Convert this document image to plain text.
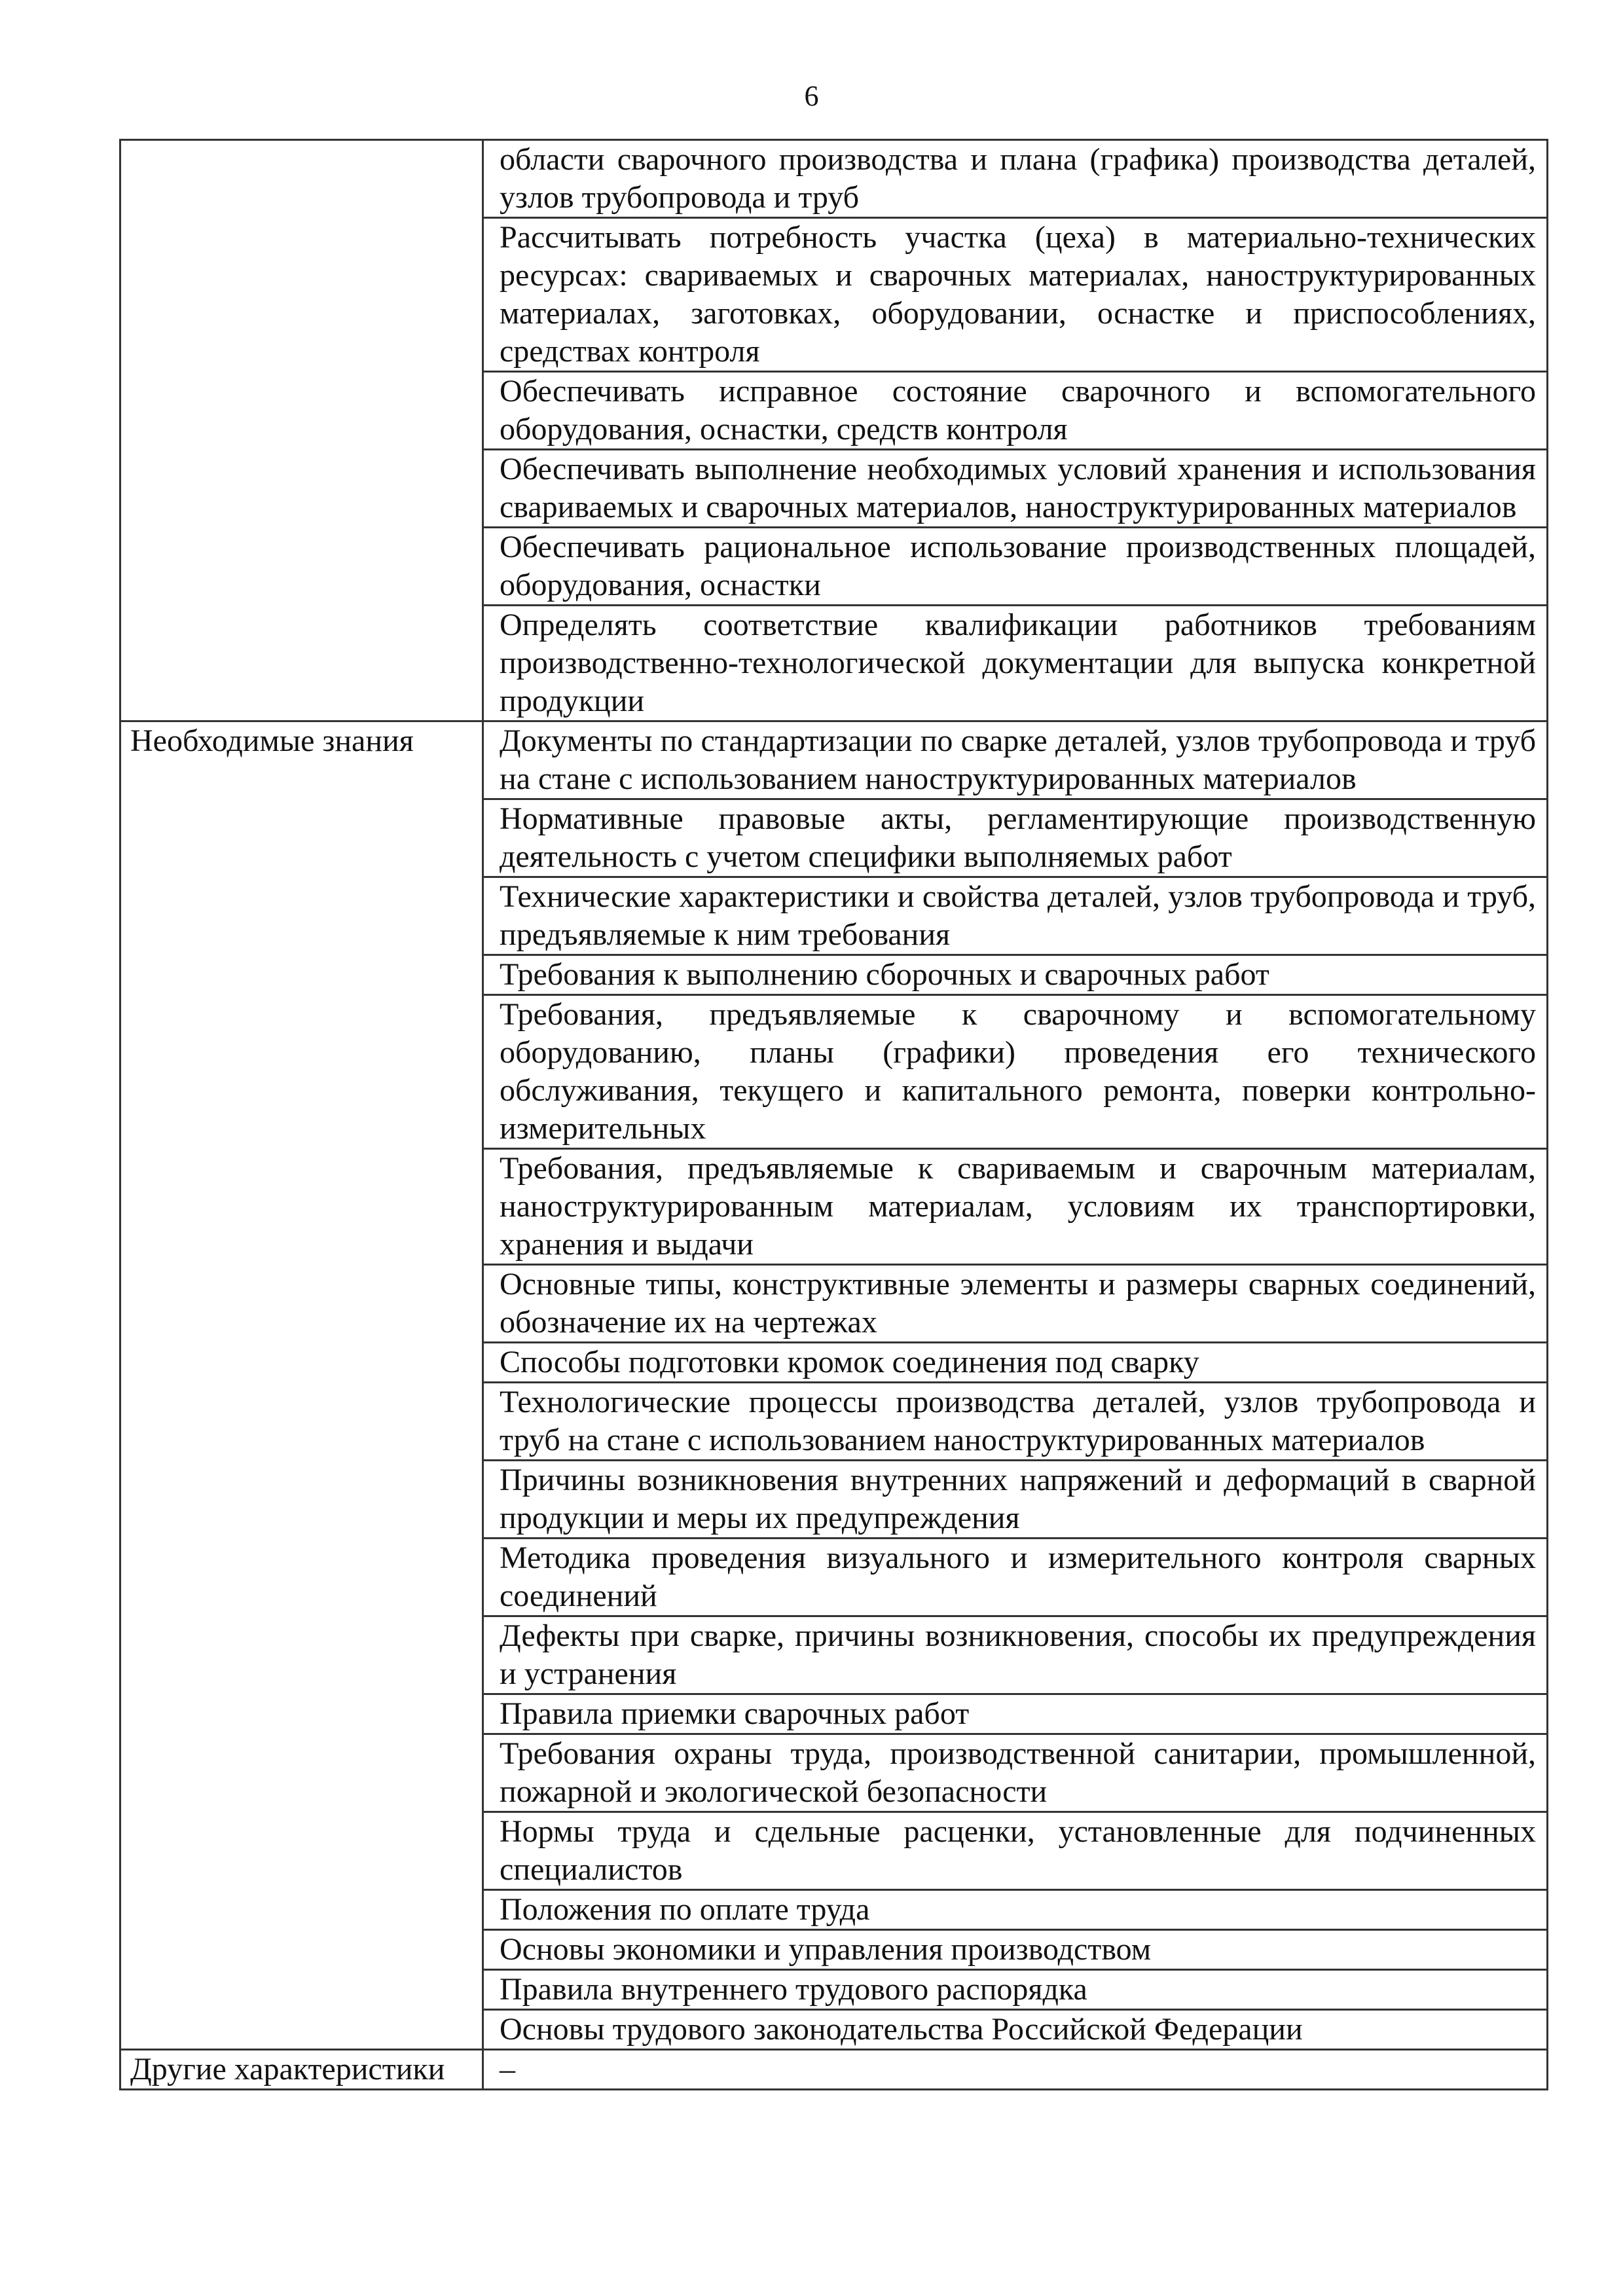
6
	области сварочного производства и плана (графика) производства деталей, узлов трубопровода и труб
	Рассчитывать потребность участка (цеха) в материально-технических ресурсах: свариваемых и сварочных материалах, наноструктурированных материалах, заготовках, оборудовании, оснастке и приспособлениях, средствах контроля
	Обеспечивать исправное состояние сварочного и вспомогательного оборудования, оснастки, средств контроля
	Обеспечивать выполнение необходимых условий хранения и использования свариваемых и сварочных материалов, наноструктурированных материалов
	Обеспечивать рациональное использование производственных площадей, оборудования, оснастки
	Определять соответствие квалификации работников требованиям производственно-технологической документации для выпуска конкретной продукции
Необходимые знания	Документы по стандартизации по сварке деталей, узлов трубопровода и труб на стане с использованием наноструктурированных материалов
	Нормативные правовые акты, регламентирующие производственную деятельность с учетом специфики выполняемых работ
	Технические характеристики и свойства деталей, узлов трубопровода и труб, предъявляемые к ним требования
	Требования к выполнению сборочных и сварочных работ
	Требования, предъявляемые к сварочному и вспомогательному оборудованию, планы (графики) проведения его технического обслуживания, текущего и капитального ремонта, поверки контрольно-измерительных
	Требования, предъявляемые к свариваемым и сварочным материалам, наноструктурированным материалам, условиям их транспортировки, хранения и выдачи
	Основные типы, конструктивные элементы и размеры сварных соединений, обозначение их на чертежах
	Способы подготовки кромок соединения под сварку
	Технологические процессы производства деталей, узлов трубопровода и труб на стане с использованием наноструктурированных материалов
	Причины возникновения внутренних напряжений и деформаций в сварной продукции и меры их предупреждения
	Методика проведения визуального и измерительного контроля сварных соединений
	Дефекты при сварке, причины возникновения, способы их предупреждения и устранения
	Правила приемки сварочных работ
	Требования охраны труда, производственной санитарии, промышленной, пожарной и экологической безопасности
	Нормы труда и сдельные расценки, установленные для подчиненных специалистов
	Положения по оплате труда
	Основы экономики и управления производством
	Правила внутреннего трудового распорядка
	Основы трудового законодательства Российской Федерации
Другие характеристики	–
